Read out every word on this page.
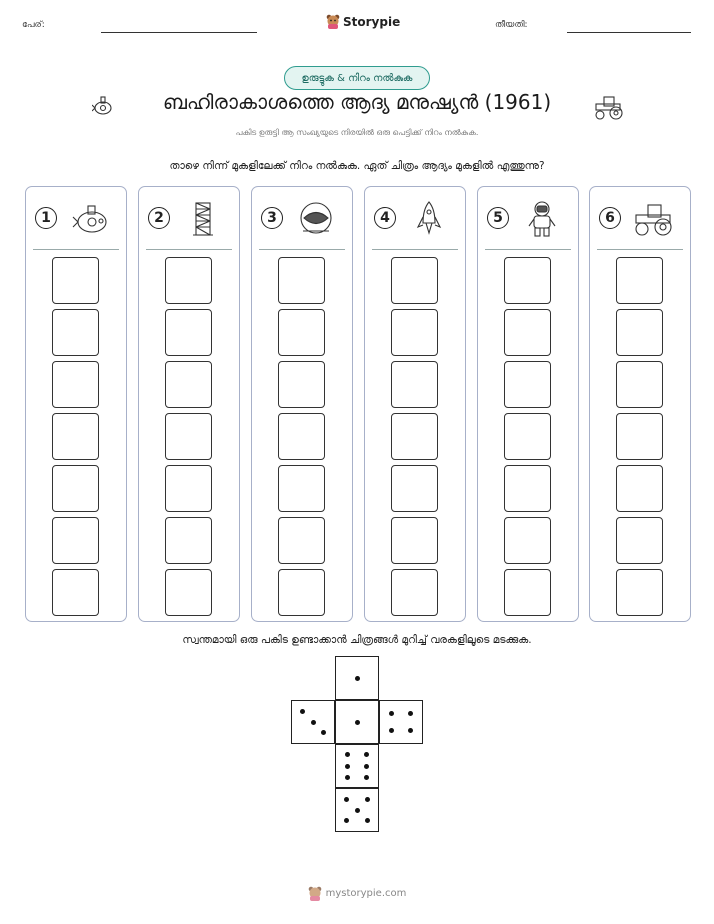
പേര്:	Storypie	തീയതി:
ഉരുട്ടുക & നിറം നൽകുക
ബഹിരാകാശത്തെ ആദ്യ മനുഷ്യൻ (1961)
പകിട ഉരുട്ടി ആ സംഖ്യയുടെ നിരയിൽ ഒരു പെട്ടിക്ക് നിറം നൽകുക.
താഴെ നിന്ന് മുകളിലേക്ക് നിറം നൽകുക. ഏത് ചിത്രം ആദ്യം മുകളിൽ എത്തുന്നു?
1	2	3	4	5	6
സ്വന്തമായി ഒരു പകിട ഉണ്ടാക്കാൻ ചിത്രങ്ങൾ മുറിച്ച് വരകളിലൂടെ മടക്കുക.
mystorypie.com
